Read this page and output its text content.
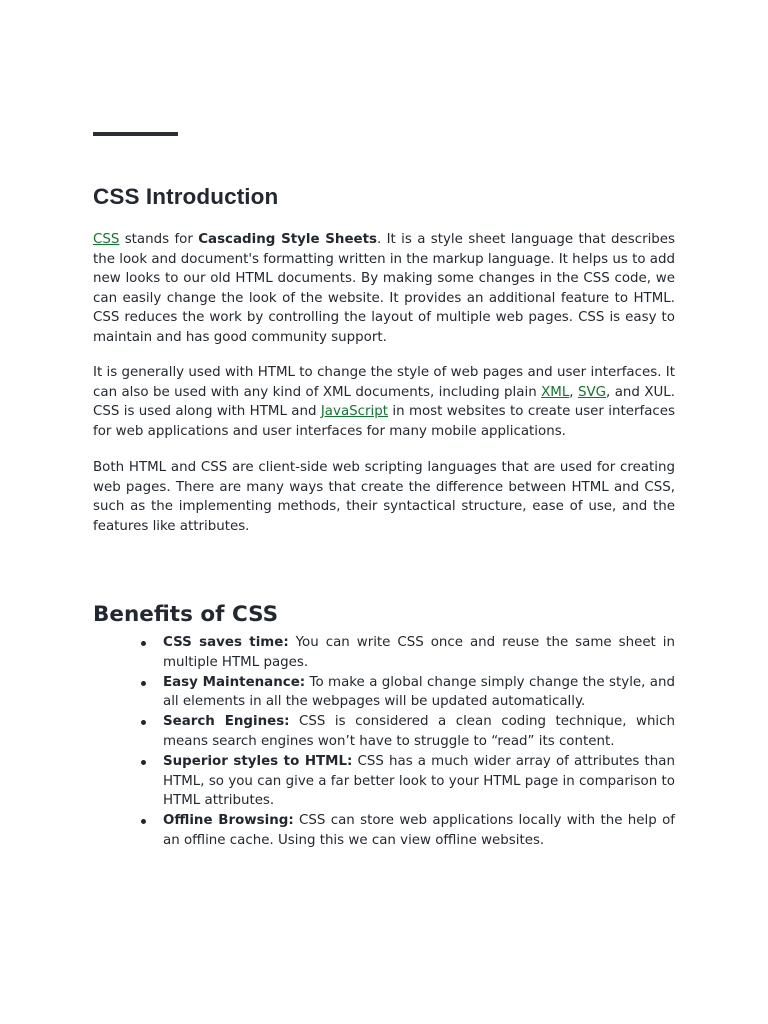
CSS Introduction

CSS stands for Cascading Style Sheets. It is a style sheet language that describes the look and document's formatting written in the markup language. It helps us to add new looks to our old HTML documents. By making some changes in the CSS code, we can easily change the look of the website. It provides an additional feature to HTML. CSS reduces the work by controlling the layout of multiple web pages. CSS is easy to maintain and has good community support.

It is generally used with HTML to change the style of web pages and user interfaces. It can also be used with any kind of XML documents, including plain XML, SVG, and XUL. CSS is used along with HTML and JavaScript in most websites to create user interfaces for web applications and user interfaces for many mobile applications.

Both HTML and CSS are client-side web scripting languages that are used for creating web pages. There are many ways that create the difference between HTML and CSS, such as the implementing methods, their syntactical structure, ease of use, and the features like attributes.

Benefits of CSS
CSS saves time: You can write CSS once and reuse the same sheet in multiple HTML pages.
Easy Maintenance: To make a global change simply change the style, and all elements in all the webpages will be updated automatically.
Search Engines: CSS is considered a clean coding technique, which means search engines won’t have to struggle to “read” its content.
Superior styles to HTML: CSS has a much wider array of attributes than HTML, so you can give a far better look to your HTML page in comparison to HTML attributes.
Offline Browsing: CSS can store web applications locally with the help of an offline cache. Using this we can view offline websites.
